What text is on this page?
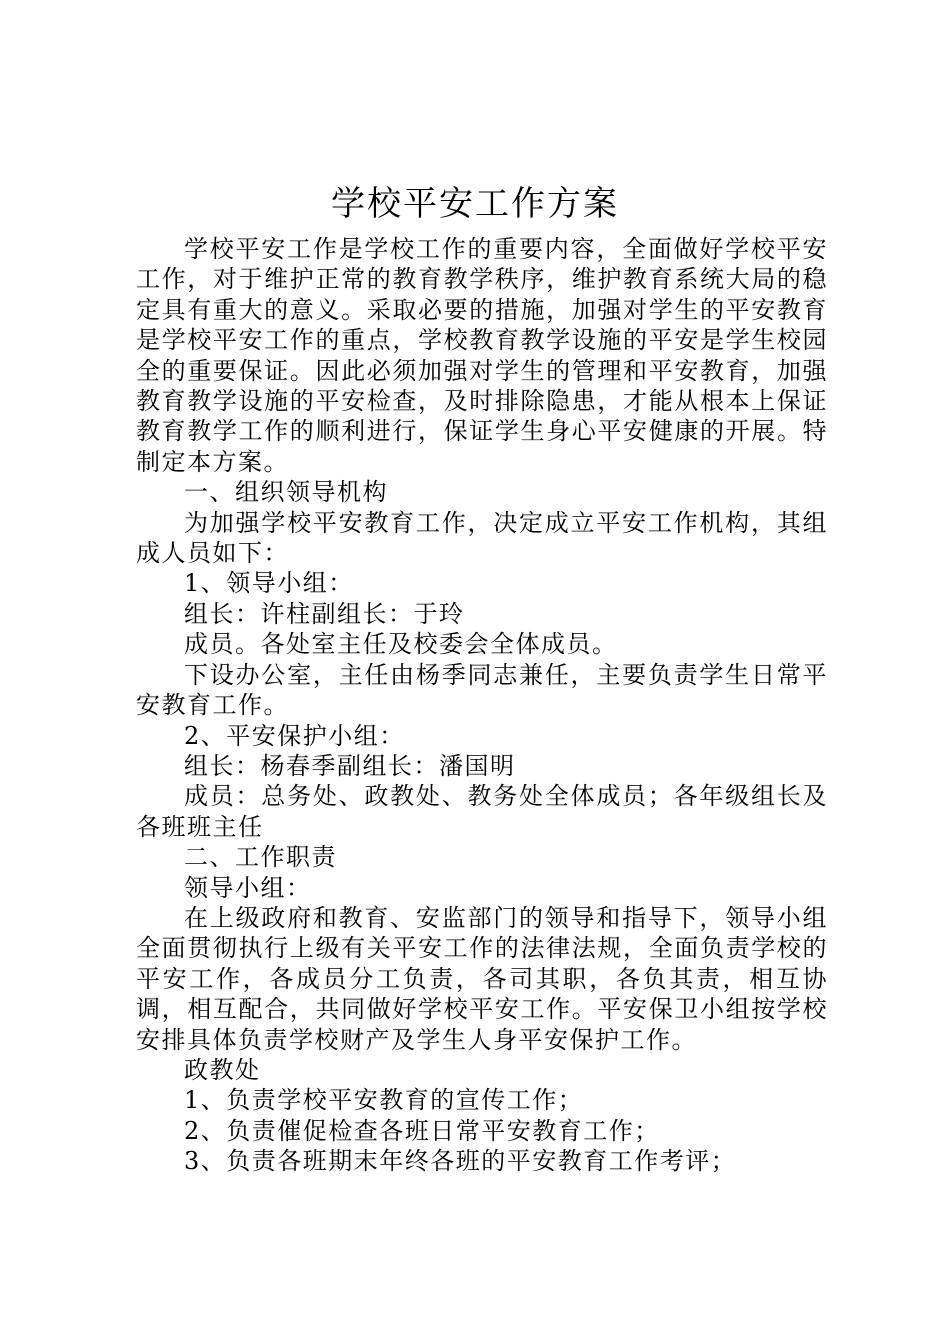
学校平安工作方案

学校平安工作是学校工作的重要内容，全面做好学校平安工作，对于维护正常的教育教学秩序，维护教育系统大局的稳定具有重大的意义。采取必要的措施，加强对学生的平安教育是学校平安工作的重点，学校教育教学设施的平安是学生校园全的重要保证。因此必须加强对学生的管理和平安教育，加强教育教学设施的平安检查，及时排除隐患，才能从根本上保证教育教学工作的顺利进行，保证学生身心平安健康的开展。特制定本方案。

一、组织领导机构

为加强学校平安教育工作，决定成立平安工作机构，其组成人员如下：

1、领导小组：

组长：许柱副组长：于玲

成员。各处室主任及校委会全体成员。

下设办公室，主任由杨季同志兼任，主要负责学生日常平安教育工作。

2、平安保护小组：

组长：杨春季副组长：潘国明

成员：总务处、政教处、教务处全体成员；各年级组长及各班班主任

二、工作职责

领导小组：

在上级政府和教育、安监部门的领导和指导下，领导小组全面贯彻执行上级有关平安工作的法律法规，全面负责学校的平安工作，各成员分工负责，各司其职，各负其责，相互协调，相互配合，共同做好学校平安工作。平安保卫小组按学校安排具体负责学校财产及学生人身平安保护工作。

政教处

1、负责学校平安教育的宣传工作；

2、负责催促检查各班日常平安教育工作；

3、负责各班期末年终各班的平安教育工作考评；
